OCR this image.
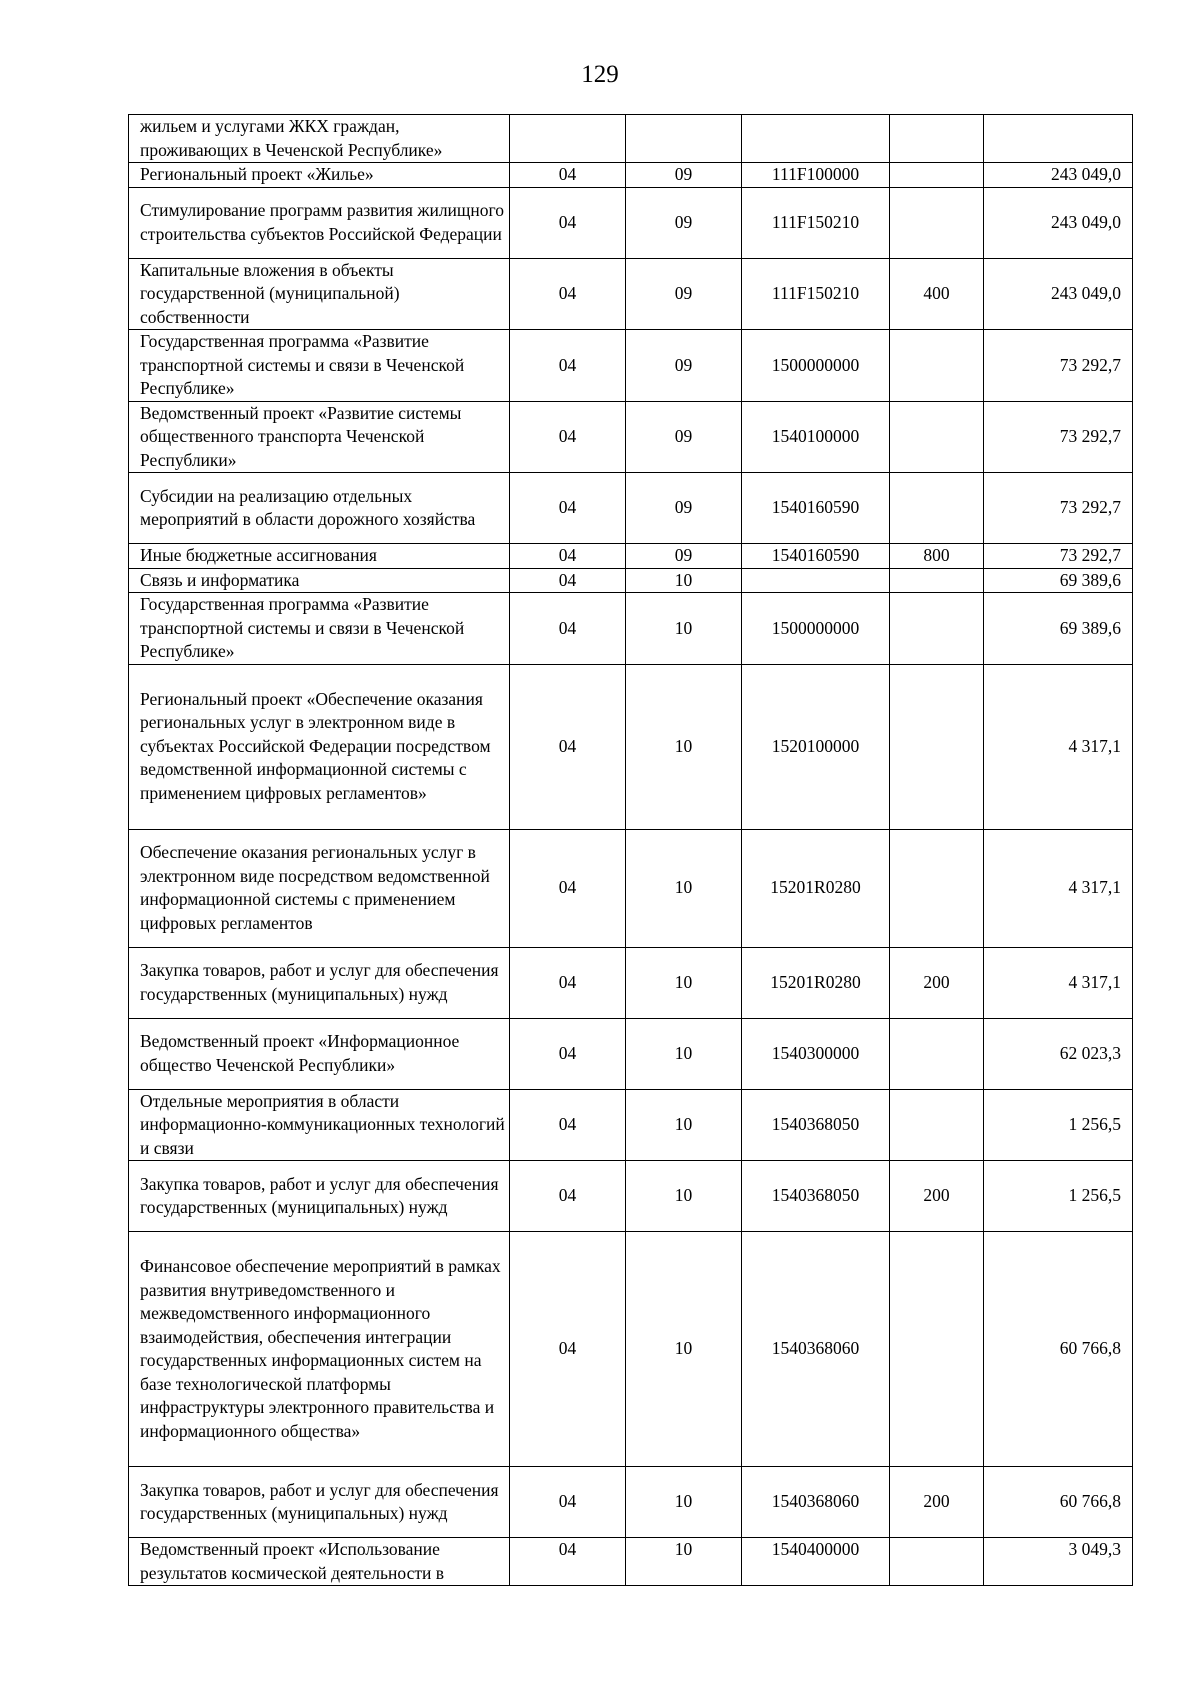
129
жильем и услугами ЖКХ граждан, проживающих в Чеченской Республике»					
Региональный проект «Жилье»	04	09	111F100000		243 049,0
Стимулирование программ развития жилищного строительства субъектов Российской Федерации	04	09	111F150210		243 049,0
Капитальные вложения в объекты государственной (муниципальной) собственности	04	09	111F150210	400	243 049,0
Государственная программа «Развитие транспортной системы и связи в Чеченской Республике»	04	09	1500000000		73 292,7
Ведомственный проект «Развитие системы общественного транспорта Чеченской Республики»	04	09	1540100000		73 292,7
Субсидии на реализацию отдельных мероприятий в области дорожного хозяйства	04	09	1540160590		73 292,7
Иные бюджетные ассигнования	04	09	1540160590	800	73 292,7
Связь и информатика	04	10			69 389,6
Государственная программа «Развитие транспортной системы и связи в Чеченской Республике»	04	10	1500000000		69 389,6
Региональный проект «Обеспечение оказания региональных услуг в электронном виде в субъектах Российской Федерации посредством ведомственной информационной системы с применением цифровых регламентов»	04	10	1520100000		4 317,1
Обеспечение оказания региональных услуг в электронном виде посредством ведомственной информационной системы с применением цифровых регламентов	04	10	15201R0280		4 317,1
Закупка товаров, работ и услуг для обеспечения государственных (муниципальных) нужд	04	10	15201R0280	200	4 317,1
Ведомственный проект «Информационное общество Чеченской Республики»	04	10	1540300000		62 023,3
Отдельные мероприятия в области информационно-коммуникационных технологий и связи	04	10	1540368050		1 256,5
Закупка товаров, работ и услуг для обеспечения государственных (муниципальных) нужд	04	10	1540368050	200	1 256,5
Финансовое обеспечение мероприятий в рамках развития внутриведомственного и межведомственного информационного взаимодействия, обеспечения интеграции государственных информационных систем на базе технологической платформы инфраструктуры электронного правительства и информационного общества»	04	10	1540368060		60 766,8
Закупка товаров, работ и услуг для обеспечения государственных (муниципальных) нужд	04	10	1540368060	200	60 766,8
Ведомственный проект «Использование результатов космической деятельности в	04	10	1540400000		3 049,3
